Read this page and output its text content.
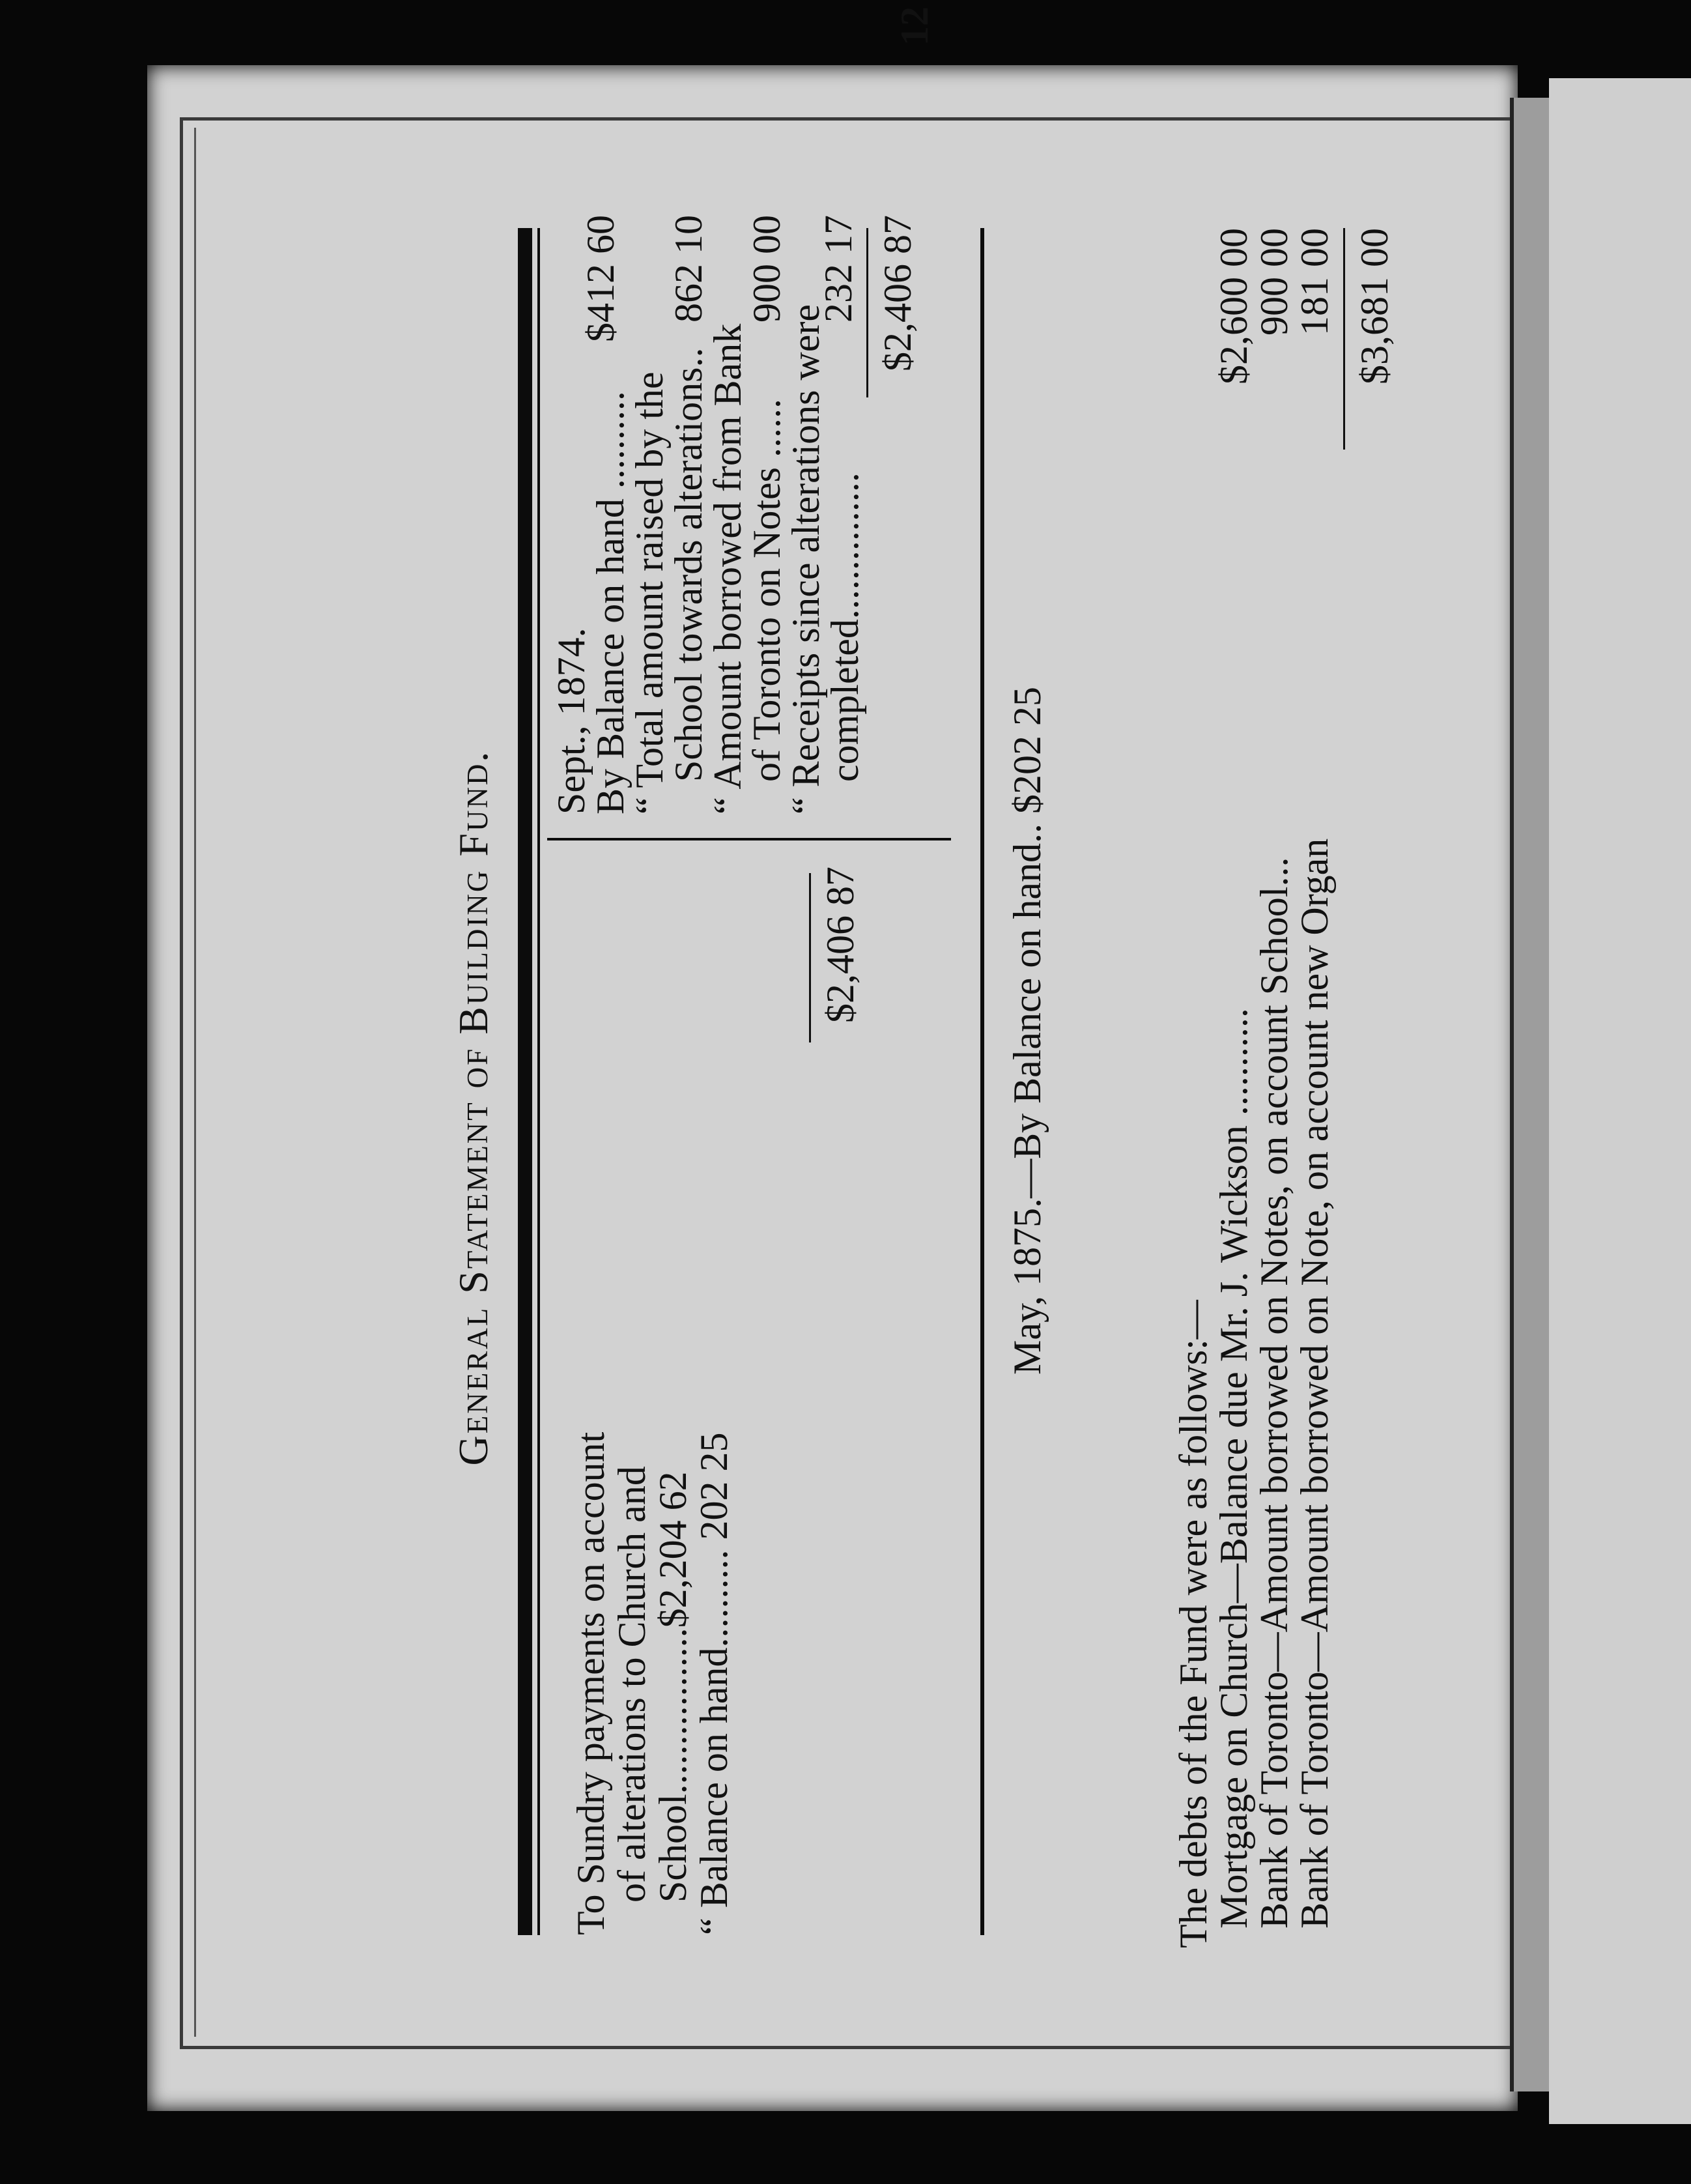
General Statement of Building Fund.
12
To Sundry payments on account
of alterations to Church and
School.................$2,204 62
“ Balance on hand.......... 202 25
$2,406 87
Sept., 1874.
By Balance on hand ..........
$412 60
“ Total amount raised by the
School towards alterations..
862 10
“ Amount borrowed from Bank
of Toronto on Notes ......
900 00
“ Receipts since alterations were
completed...............
232 17 $2,406 87
May, 1875.—By Balance on hand.. $202 25
The debts of the Fund were as follows:—
Mortgage on Church—Balance due Mr. J. Wickson ...........
$2,600 00
Bank of Toronto—Amount borrowed on Notes, on account School...
900 00
Bank of Toronto—Amount borrowed on Note, on account new Organ
181 00 $3,681 00
